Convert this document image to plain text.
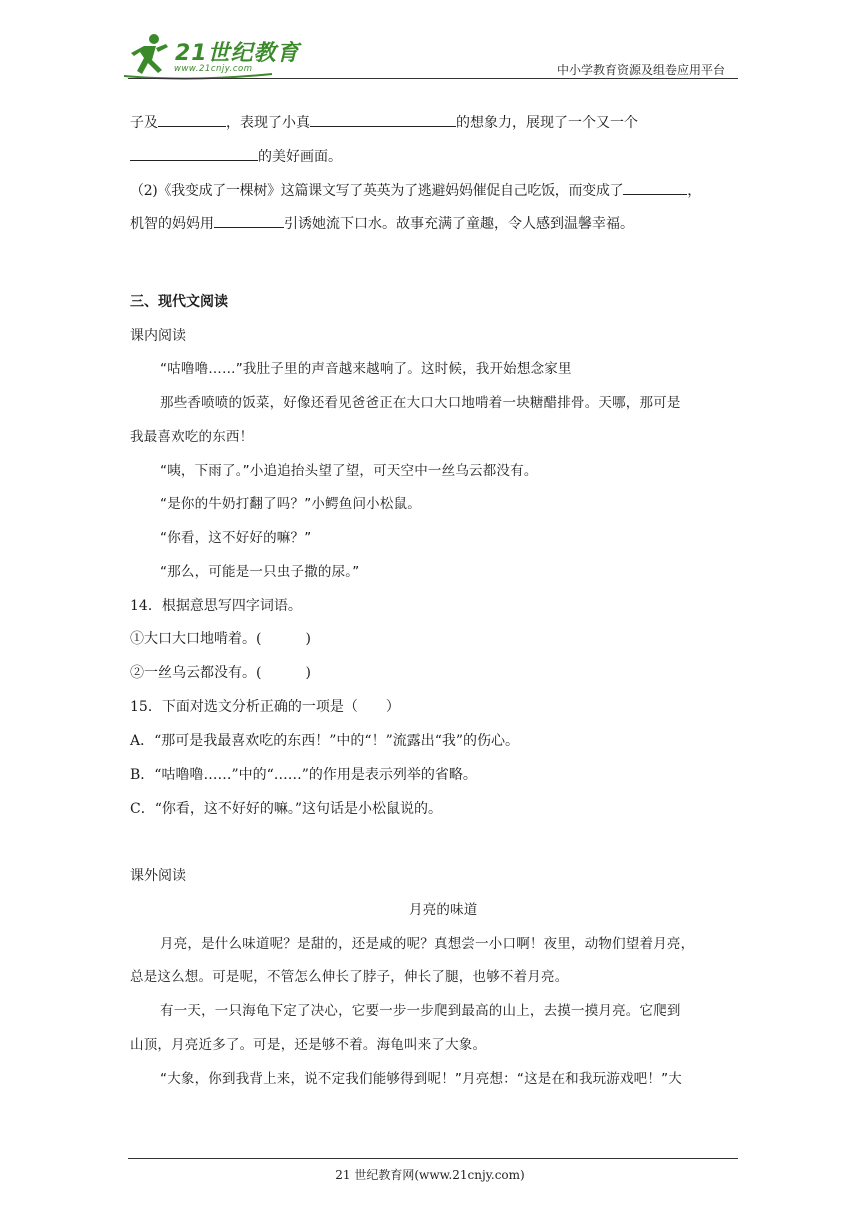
21世纪教育
www.21cnjy.com	中小学教育资源及组卷应用平台
子及	，表现了小真	的想象力，展现了一个又一个
的美好画面。
（2)《我变成了一棵树》这篇课文写了英英为了逃避妈妈催促自己吃饭，而变成了	，
机智的妈妈用	引诱她流下口水。故事充满了童趣，令人感到温馨幸福。
三、现代文阅读
课内阅读
“咕噜噜……”我肚子里的声音越来越响了。这时候，我开始想念家里
那些香喷喷的饭菜，好像还看见爸爸正在大口大口地啃着一块糖醋排骨。天哪，那可是
我最喜欢吃的东西！
“咦，下雨了。”小追追抬头望了望，可天空中一丝乌云都没有。
“是你的牛奶打翻了吗？”小鳄鱼问小松鼠。
“你看，这不好好的嘛？”
“那么，可能是一只虫子撒的尿。”
14．根据意思写四字词语。
①大口大口地啃着。(	)
②一丝乌云都没有。(	)
15．下面对选文分析正确的一项是（　　）
A．“那可是我最喜欢吃的东西！”中的“！”流露出“我”的伤心。
B．“咕噜噜……”中的“……”的作用是表示列举的省略。
C．“你看，这不好好的嘛。”这句话是小松鼠说的。
课外阅读
月亮的味道
月亮，是什么味道呢？是甜的，还是咸的呢？真想尝一小口啊！夜里，动物们望着月亮，
总是这么想。可是呢，不管怎么伸长了脖子，伸长了腿，也够不着月亮。
有一天，一只海龟下定了决心，它要一步一步爬到最高的山上，去摸一摸月亮。它爬到
山顶，月亮近多了。可是，还是够不着。海龟叫来了大象。
“大象，你到我背上来，说不定我们能够得到呢！”月亮想：“这是在和我玩游戏吧！”大
21 世纪教育网(www.21cnjy.com)
